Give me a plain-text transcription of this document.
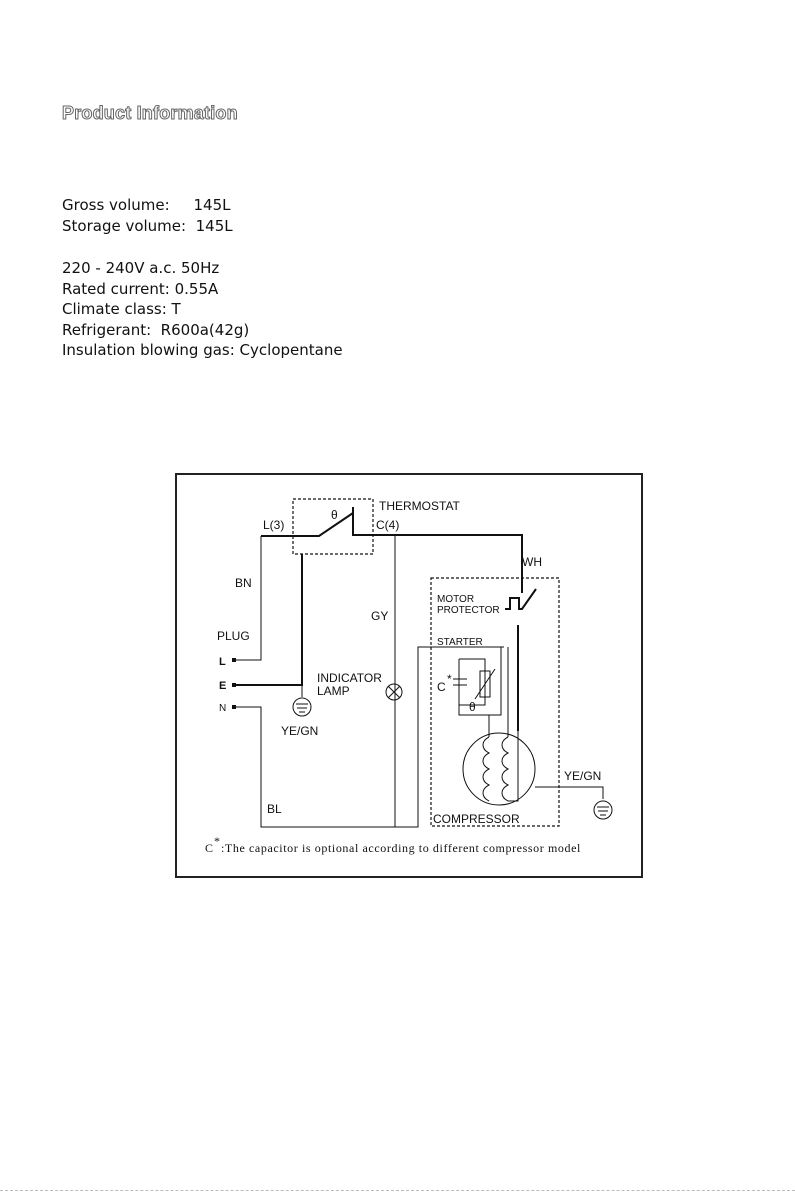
Product Information
Gross volume:     145L
Storage volume:  145L
220 - 240V a.c. 50Hz
Rated current: 0.55A
Climate class: T
Refrigerant:  R600a(42g)
Insulation blowing gas: Cyclopentane
THERMOSTAT
θ
L(3)	C(4)
BN
YE/GN
PLUG
L
E
N
BL
GY
INDICATOR
LAMP
WH
MOTOR
PROTECTOR
STARTER
C
*
θ
COMPRESSOR
YE/GN
C * :The capacitor is optional according to different compressor model
